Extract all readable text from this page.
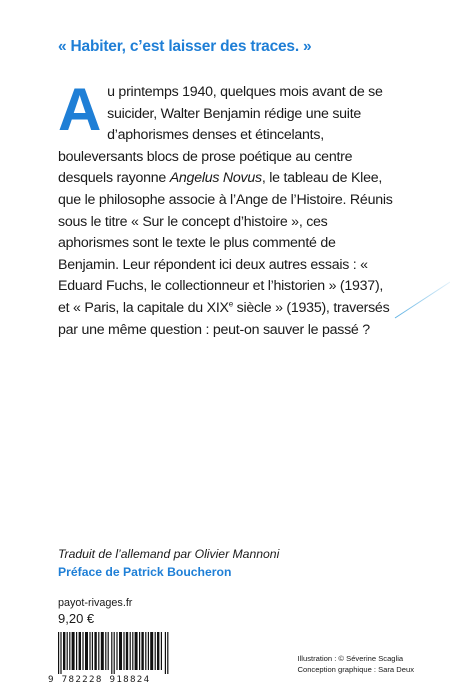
« Habiter, c’est laisser des traces. »

Au printemps 1940, quelques mois avant de se suicider, Walter Benjamin rédige une suite d’aphorismes denses et étincelants, bouleversants blocs de prose poétique au centre desquels rayonne Angelus Novus, le tableau de Klee, que le philosophe associe à l’Ange de l’Histoire. Réunis sous le titre « Sur le concept d’histoire », ces aphorismes sont le texte le plus commenté de Benjamin. Leur répondent ici deux autres essais : « Eduard Fuchs, le collectionneur et l’historien » (1937), et « Paris, la capitale du XIXe siècle » (1935), traversés par une même question : peut-on sauver le passé ?

Traduit de l’allemand par Olivier Mannoni
Préface de Patrick Boucheron
payot-rivages.fr
9,20 €
9 782228 918824
Illustration : © Séverine Scaglia
Conception graphique : Sara Deux
